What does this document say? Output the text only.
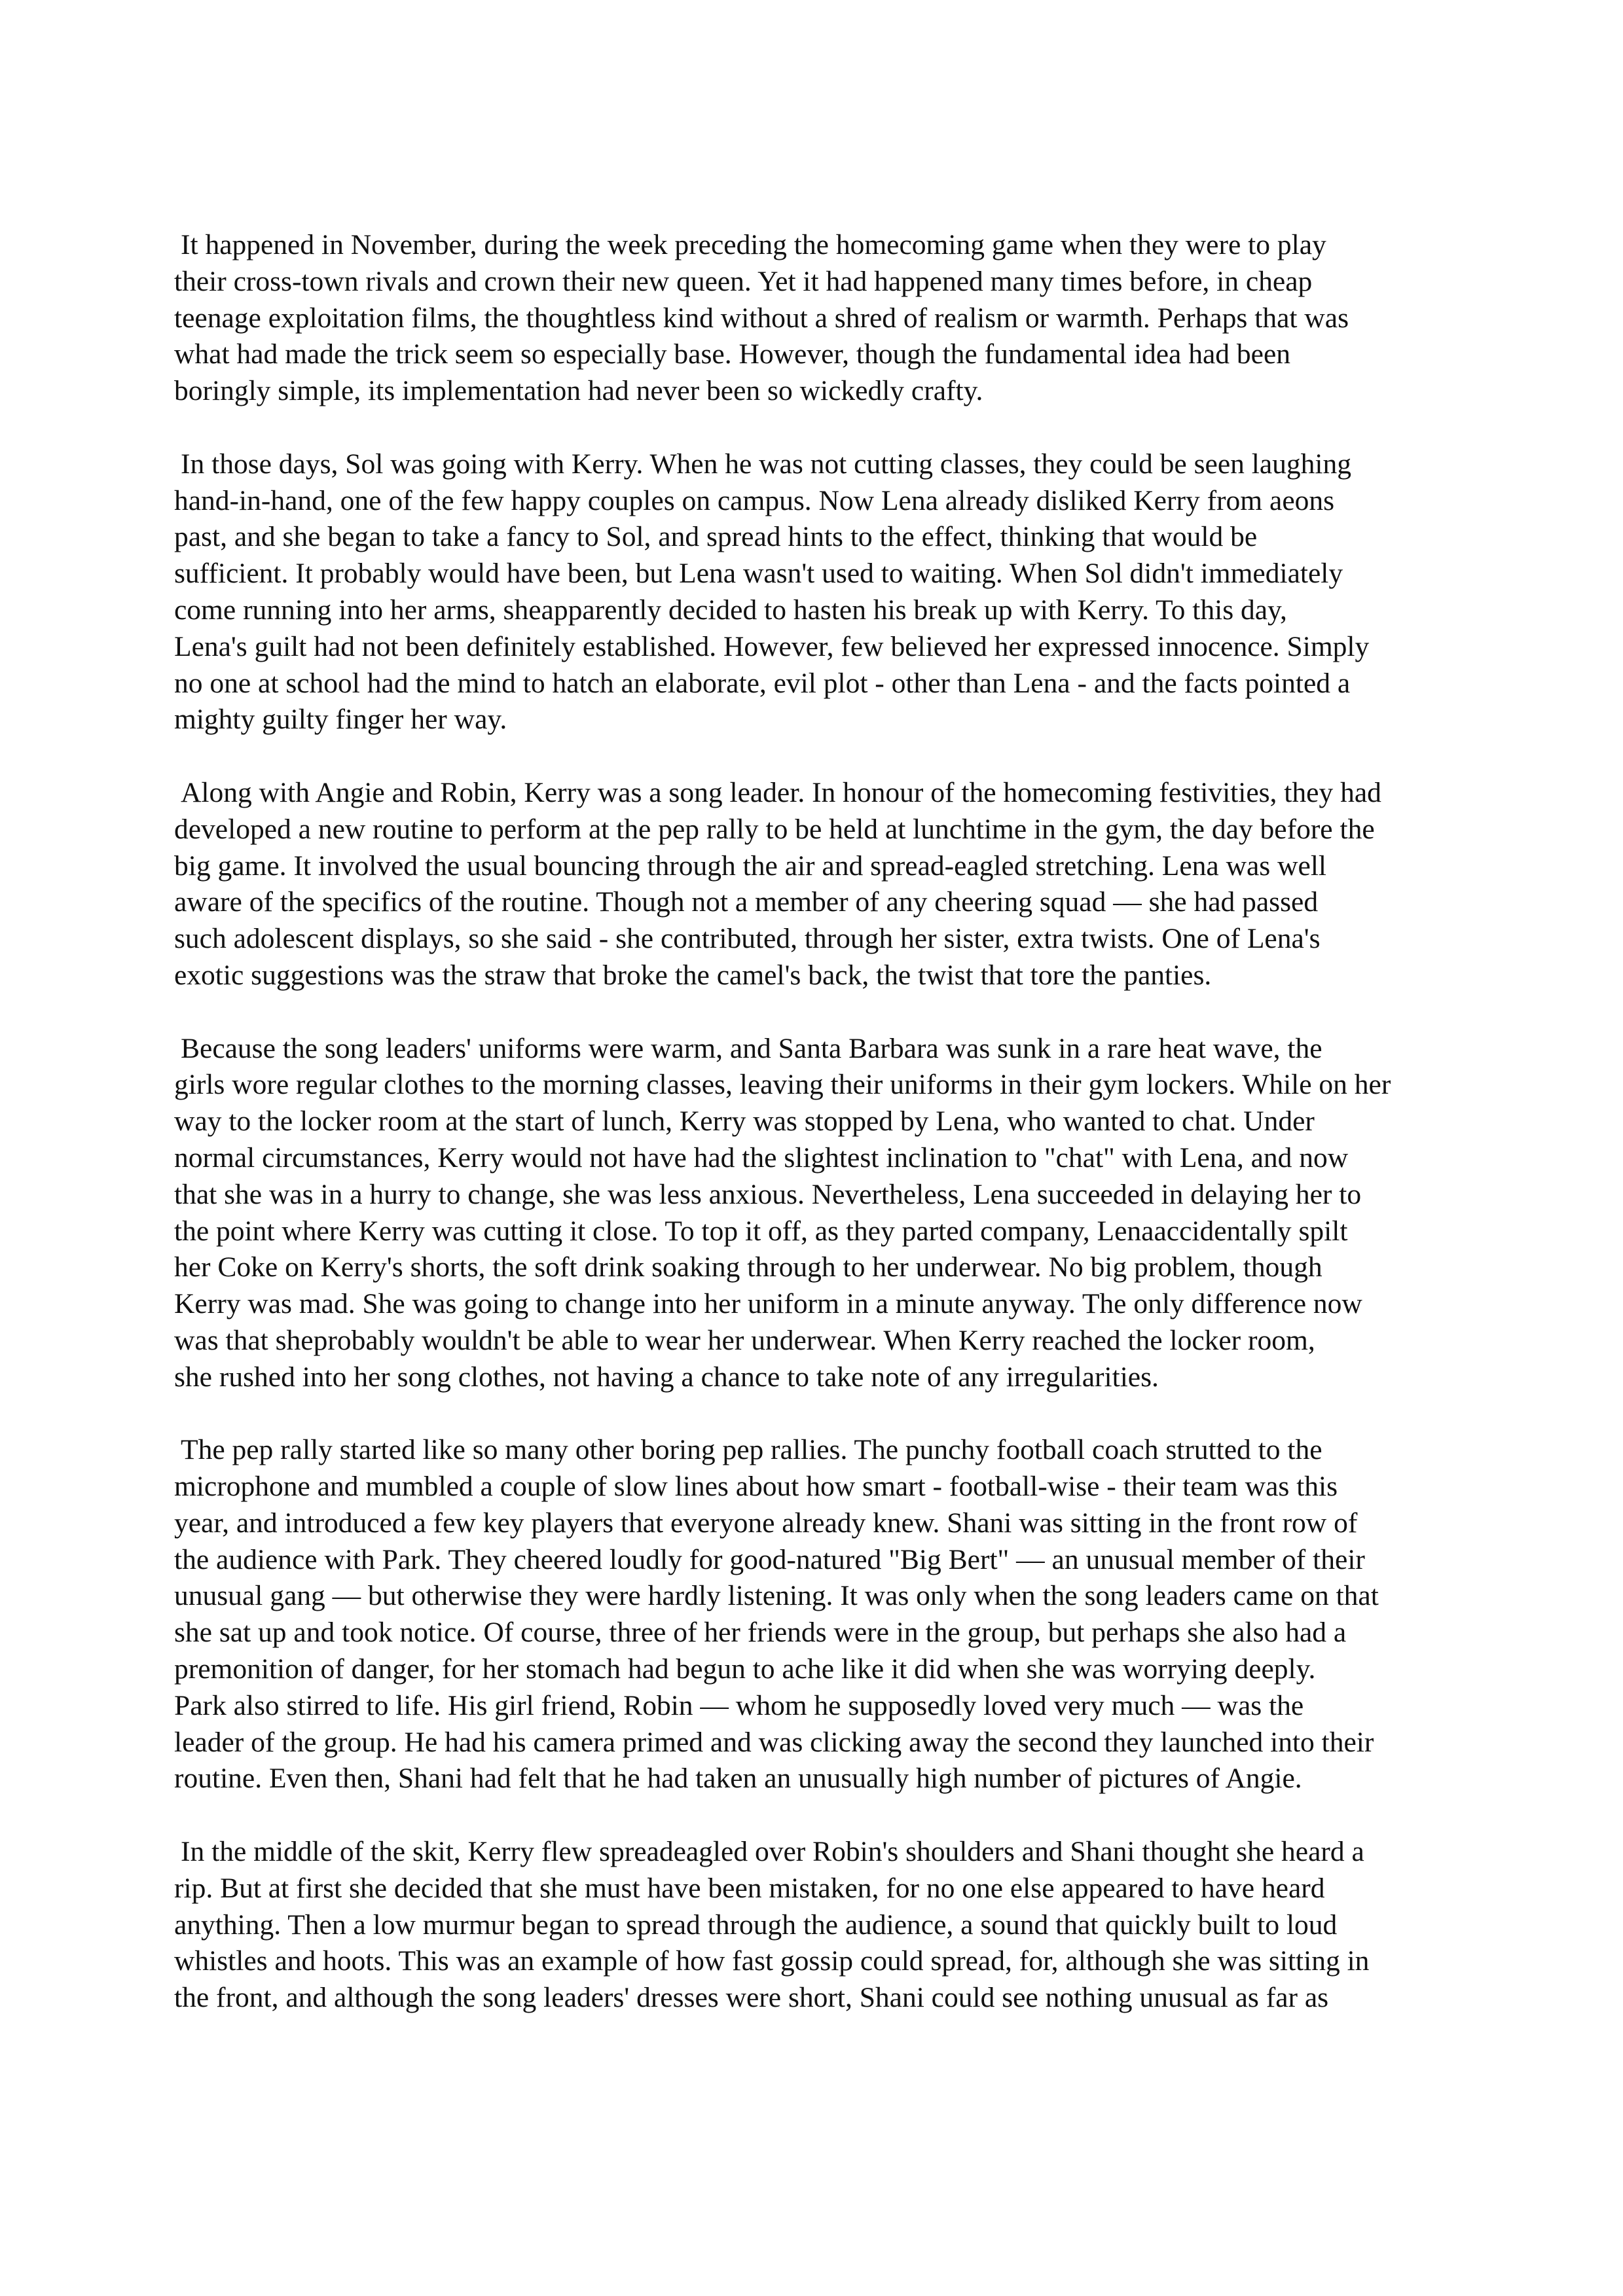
It happened in November, during the week preceding the homecoming game when they were to play
their cross-town rivals and crown their new queen. Yet it had happened many times before, in cheap
teenage exploitation films, the thoughtless kind without a shred of realism or warmth. Perhaps that was
what had made the trick seem so especially base. However, though the fundamental idea had been
boringly simple, its implementation had never been so wickedly crafty.

In those days, Sol was going with Kerry. When he was not cutting classes, they could be seen laughing
hand-in-hand, one of the few happy couples on campus. Now Lena already disliked Kerry from aeons
past, and she began to take a fancy to Sol, and spread hints to the effect, thinking that would be
sufficient. It probably would have been, but Lena wasn't used to waiting. When Sol didn't immediately
come running into her arms, sheapparently decided to hasten his break up with Kerry. To this day,
Lena's guilt had not been definitely established. However, few believed her expressed innocence. Simply
no one at school had the mind to hatch an elaborate, evil plot - other than Lena - and the facts pointed a
mighty guilty finger her way.

Along with Angie and Robin, Kerry was a song leader. In honour of the homecoming festivities, they had
developed a new routine to perform at the pep rally to be held at lunchtime in the gym, the day before the
big game. It involved the usual bouncing through the air and spread-eagled stretching. Lena was well
aware of the specifics of the routine. Though not a member of any cheering squad — she had passed
such adolescent displays, so she said - she contributed, through her sister, extra twists. One of Lena's
exotic suggestions was the straw that broke the camel's back, the twist that tore the panties.

Because the song leaders' uniforms were warm, and Santa Barbara was sunk in a rare heat wave, the
girls wore regular clothes to the morning classes, leaving their uniforms in their gym lockers. While on her
way to the locker room at the start of lunch, Kerry was stopped by Lena, who wanted to chat. Under
normal circumstances, Kerry would not have had the slightest inclination to "chat" with Lena, and now
that she was in a hurry to change, she was less anxious. Nevertheless, Lena succeeded in delaying her to
the point where Kerry was cutting it close. To top it off, as they parted company, Lenaaccidentally spilt
her Coke on Kerry's shorts, the soft drink soaking through to her underwear. No big problem, though
Kerry was mad. She was going to change into her uniform in a minute anyway. The only difference now
was that sheprobably wouldn't be able to wear her underwear. When Kerry reached the locker room,
she rushed into her song clothes, not having a chance to take note of any irregularities.

The pep rally started like so many other boring pep rallies. The punchy football coach strutted to the
microphone and mumbled a couple of slow lines about how smart - football-wise - their team was this
year, and introduced a few key players that everyone already knew. Shani was sitting in the front row of
the audience with Park. They cheered loudly for good-natured "Big Bert" — an unusual member of their
unusual gang — but otherwise they were hardly listening. It was only when the song leaders came on that
she sat up and took notice. Of course, three of her friends were in the group, but perhaps she also had a
premonition of danger, for her stomach had begun to ache like it did when she was worrying deeply.
Park also stirred to life. His girl friend, Robin — whom he supposedly loved very much — was the
leader of the group. He had his camera primed and was clicking away the second they launched into their
routine. Even then, Shani had felt that he had taken an unusually high number of pictures of Angie.

In the middle of the skit, Kerry flew spreadeagled over Robin's shoulders and Shani thought she heard a
rip. But at first she decided that she must have been mistaken, for no one else appeared to have heard
anything. Then a low murmur began to spread through the audience, a sound that quickly built to loud
whistles and hoots. This was an example of how fast gossip could spread, for, although she was sitting in
the front, and although the song leaders' dresses were short, Shani could see nothing unusual as far as
